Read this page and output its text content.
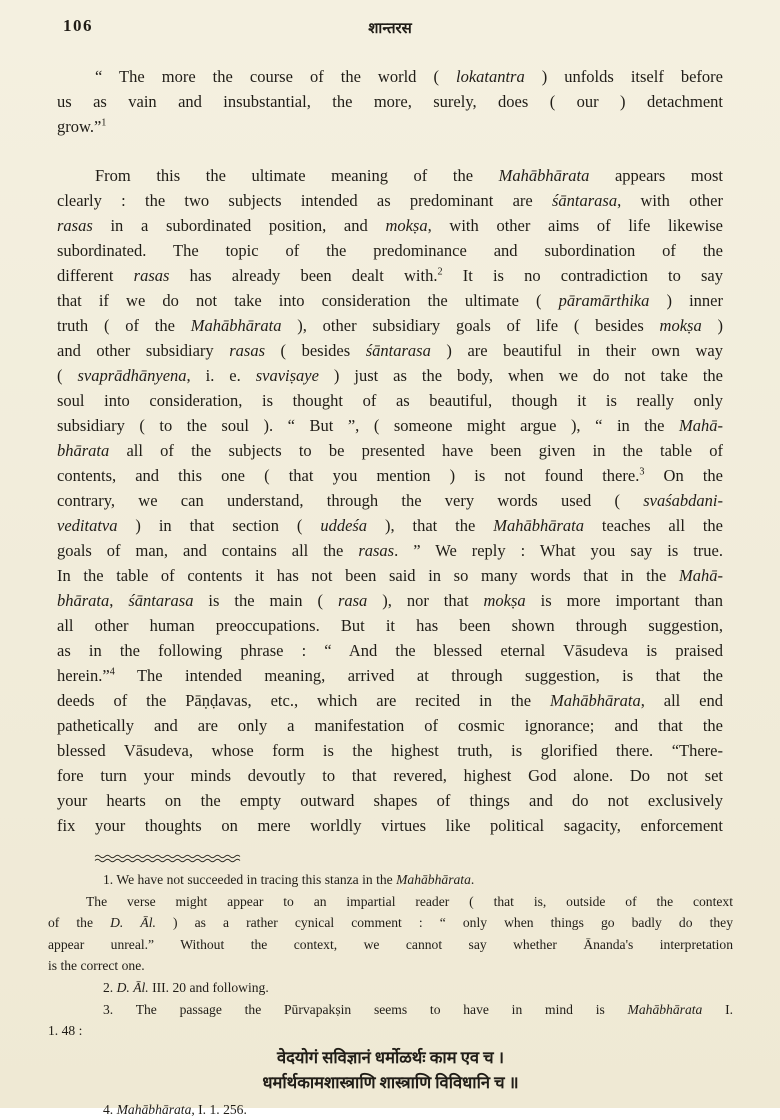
106	शान्तरस
“ The more the course of the world ( lokatantra ) unfolds itself before
us as vain and insubstantial, the more, surely, does ( our ) detachment
grow.”$^1$
From this the ultimate meaning of the Mahābhārata appears most
clearly : the two subjects intended as predominant are śāntarasa, with other
rasas in a subordinated position, and mokṣa, with other aims of life likewise
subordinated. The topic of the predominance and subordination of the
different rasas has already been dealt with.$^2$ It is no contradiction to say
that if we do not take into consideration the ultimate ( pāramārthika ) inner
truth ( of the Mahābhārata ), other subsidiary goals of life ( besides mokṣa )
and other subsidiary rasas ( besides śāntarasa ) are beautiful in their own way
( svaprādhānyena, i. e. svaviṣaye ) just as the body, when we do not take the
soul into consideration, is thought of as beautiful, though it is really only
subsidiary ( to the soul ). “ But ”, ( someone might argue ), “ in the Mahā-
bhārata all of the subjects to be presented have been given in the table of
contents, and this one ( that you mention ) is not found there.$^3$ On the
contrary, we can understand, through the very words used ( svaśabdani-
veditatva ) in that section ( uddeśa ), that the Mahābhārata teaches all the
goals of man, and contains all the rasas. ” We reply : What you say is true.
In the table of contents it has not been said in so many words that in the Mahā-
bhārata, śāntarasa is the main ( rasa ), nor that mokṣa is more important than
all other human preoccupations. But it has been shown through suggestion,
as in the following phrase : “ And the blessed eternal Vāsudeva is praised
herein.”$^4$ The intended meaning, arrived at through suggestion, is that the
deeds of the Pāṇḍavas, etc., which are recited in the Mahābhārata, all end
pathetically and are only a manifestation of cosmic ignorance; and that the
blessed Vāsudeva, whose form is the highest truth, is glorified there. “There-
fore turn your minds devoutly to that revered, highest God alone. Do not set
your hearts on the empty outward shapes of things and do not exclusively
fix your thoughts on mere worldly virtues like political sagacity, enforcement
1. We have not succeeded in tracing this stanza in the Mahābhārata.
The verse might appear to an impartial reader ( that is, outside of the context
of the D. Āl. ) as a rather cynical comment : “ only when things go badly do they
appear unreal.” Without the context, we cannot say whether Ānanda's interpretation
is the correct one.
2. D. Āl. III. 20 and following.
3. The passage the Pūrvapakṣin seems to have in mind is Mahābhārata I.
1. 48 :
वेदयोगं सविज्ञानं धर्मोळर्थः काम एव च ।
धर्मार्थकामशास्त्राणि शास्त्राणि विविधानि च ॥
4. Mahābhārata, I. 1. 256.
